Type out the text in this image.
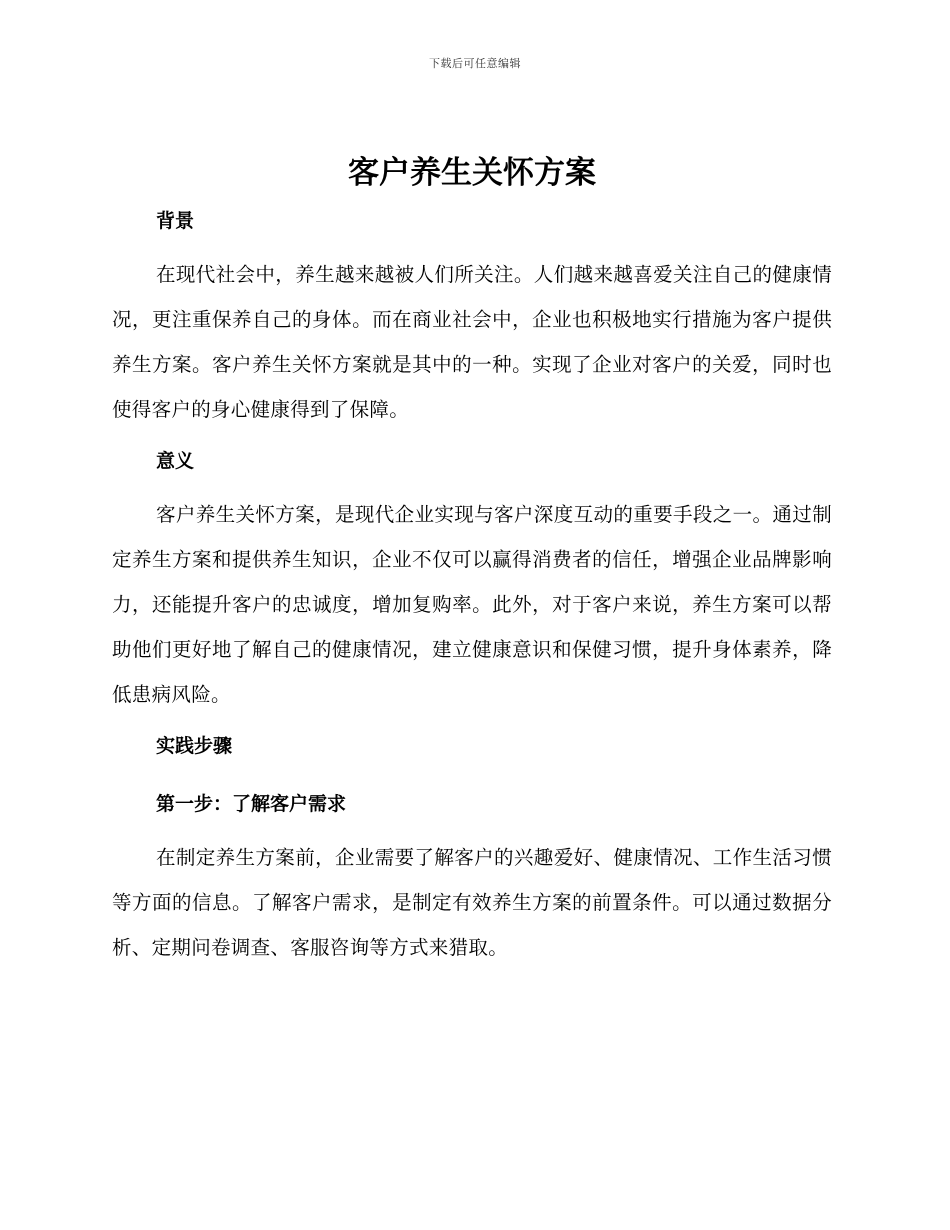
下载后可任意编辑
客户养生关怀方案
背景

在现代社会中，养生越来越被人们所关注。人们越来越喜爱关注自己的健康情况，更注重保养自己的身体。而在商业社会中，企业也积极地实行措施为客户提供养生方案。客户养生关怀方案就是其中的一种。实现了企业对客户的关爱，同时也使得客户的身心健康得到了保障。

意义

客户养生关怀方案，是现代企业实现与客户深度互动的重要手段之一。通过制定养生方案和提供养生知识，企业不仅可以赢得消费者的信任，增强企业品牌影响力，还能提升客户的忠诚度，增加复购率。此外，对于客户来说，养生方案可以帮助他们更好地了解自己的健康情况，建立健康意识和保健习惯，提升身体素养，降低患病风险。

实践步骤
第一步：了解客户需求

在制定养生方案前，企业需要了解客户的兴趣爱好、健康情况、工作生活习惯等方面的信息。了解客户需求，是制定有效养生方案的前置条件。可以通过数据分析、定期问卷调查、客服咨询等方式来猎取。
